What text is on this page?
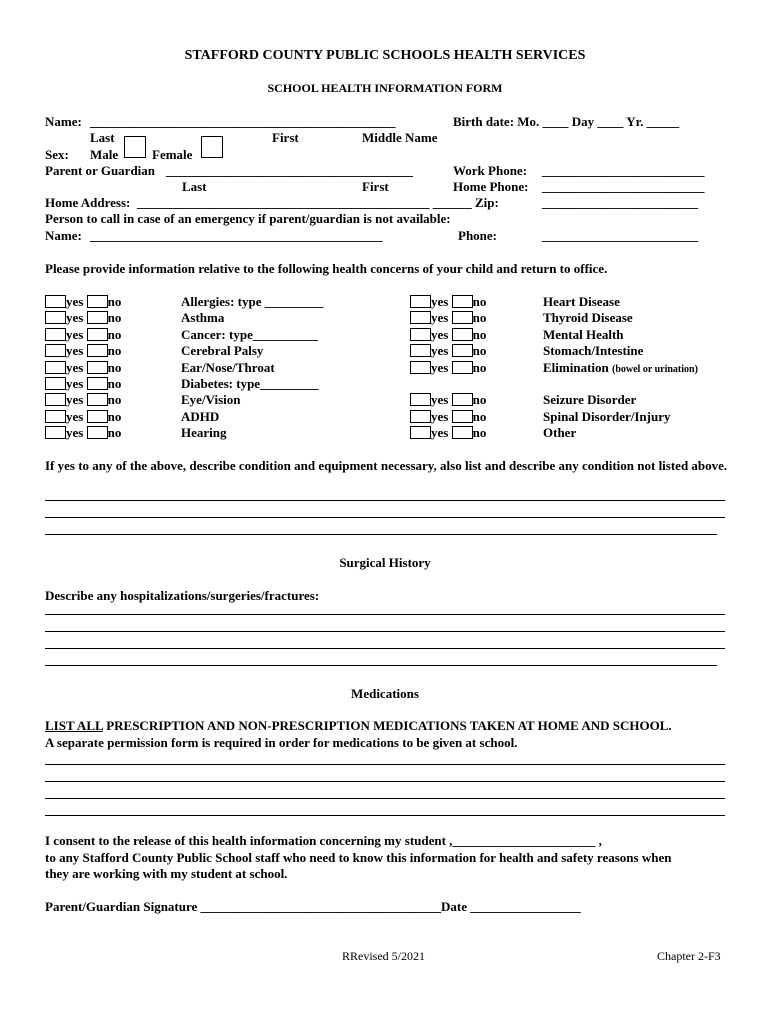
STAFFORD COUNTY PUBLIC SCHOOLS HEALTH SERVICES
SCHOOL HEALTH INFORMATION FORM
Name: _______________________________________________	Birth date: Mo. ____ Day ____ Yr. _____
Last	First	Middle Name
Sex: Male	Female
Parent or Guardian ______________________________________	Work Phone: _________________________
Last	First	Home Phone: _________________________
Home Address: _____________________________________________ ______ Zip:	________________________
Person to call in case of an emergency if parent/guardian is not available:
Name: _____________________________________________	Phone:	________________________
Please provide information relative to the following health concerns of your child and return to office.
yes no	Allergies: type _________	yes no	Heart Disease
yes no	Asthma	yes no	Thyroid Disease
yes no	Cancer: type__________	yes no	Mental Health
yes no	Cerebral Palsy	yes no	Stomach/Intestine
yes no	Ear/Nose/Throat	yes no	Elimination (bowel or urination)
yes no	Diabetes: type_________
yes no	Eye/Vision	yes no	Seizure Disorder
yes no	ADHD	yes no	Spinal Disorder/Injury
yes no	Hearing	yes no	Other
If yes to any of the above, describe condition and equipment necessary, also list and describe any condition not listed above.
Surgical History
Describe any hospitalizations/surgeries/fractures:
Medications
LIST ALL PRESCRIPTION AND NON-PRESCRIPTION MEDICATIONS TAKEN AT HOME AND SCHOOL.
A separate permission form is required in order for medications to be given at school.
I consent to the release of this health information concerning my student ,______________________ ,
to any Stafford County Public School staff who need to know this information for health and safety reasons when
they are working with my student at school.
Parent/Guardian Signature _____________________________________Date _________________
RRevised 5/2021	Chapter 2-F3
